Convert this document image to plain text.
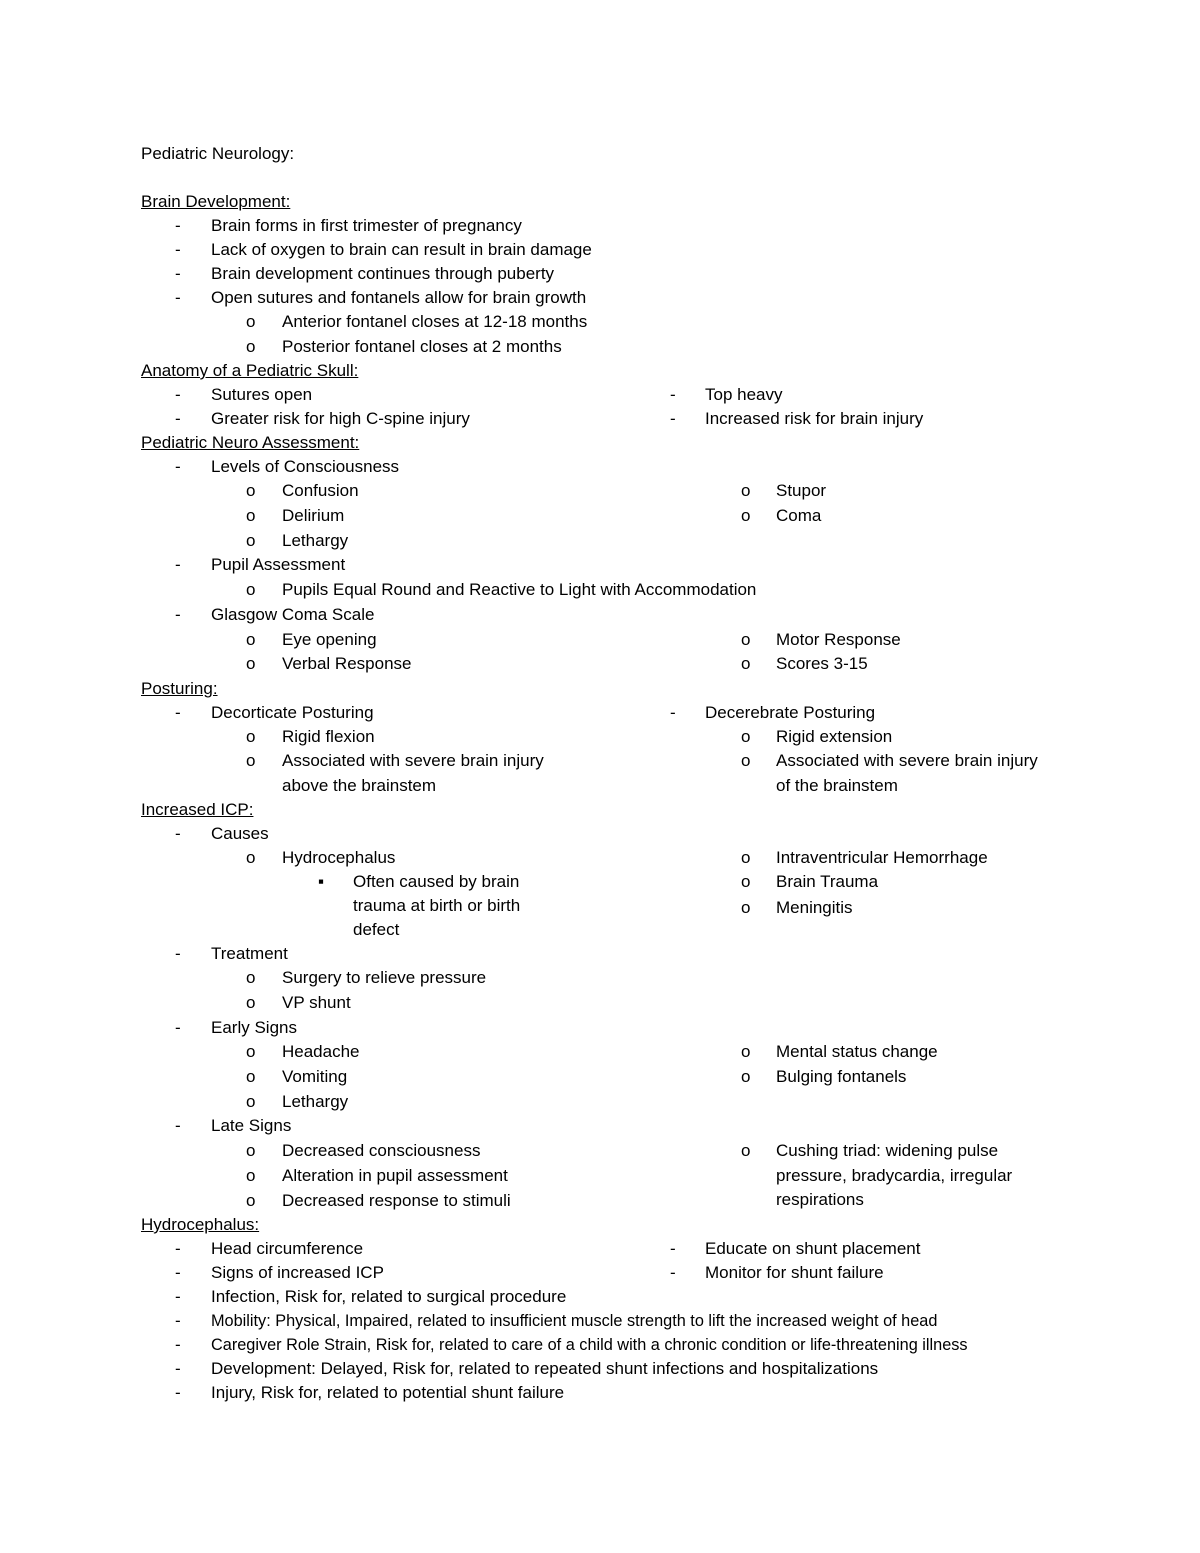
Pediatric Neurology:
Brain Development:
- Brain forms in first trimester of pregnancy
- Lack of oxygen to brain can result in brain damage
- Brain development continues through puberty
- Open sutures and fontanels allow for brain growth
o Anterior fontanel closes at 12-18 months
o Posterior fontanel closes at 2 months
Anatomy of a Pediatric Skull:
- Sutures open	- Top heavy
- Greater risk for high C-spine injury	- Increased risk for brain injury
Pediatric Neuro Assessment:
- Levels of Consciousness
o Confusion	o Stupor
o Delirium	o Coma
o Lethargy
- Pupil Assessment
o Pupils Equal Round and Reactive to Light with Accommodation
- Glasgow Coma Scale
o Eye opening	o Motor Response
o Verbal Response	o Scores 3-15
Posturing:
- Decorticate Posturing	- Decerebrate Posturing
o Rigid flexion	o Rigid extension
o Associated with severe brain injury	o Associated with severe brain injury
above the brainstem	of the brainstem
Increased ICP:
- Causes
o Hydrocephalus	o Intraventricular Hemorrhage
▪ Often caused by brain	o Brain Trauma
trauma at birth or birth	o Meningitis
defect
- Treatment
o Surgery to relieve pressure
o VP shunt
- Early Signs
o Headache	o Mental status change
o Vomiting	o Bulging fontanels
o Lethargy
- Late Signs
o Decreased consciousness	o Cushing triad: widening pulse
o Alteration in pupil assessment	pressure, bradycardia, irregular
o Decreased response to stimuli	respirations
Hydrocephalus:
- Head circumference	- Educate on shunt placement
- Signs of increased ICP	- Monitor for shunt failure
- Infection, Risk for, related to surgical procedure
- Mobility: Physical, Impaired, related to insufficient muscle strength to lift the increased weight of head
- Caregiver Role Strain, Risk for, related to care of a child with a chronic condition or life-threatening illness
- Development: Delayed, Risk for, related to repeated shunt infections and hospitalizations
- Injury, Risk for, related to potential shunt failure
